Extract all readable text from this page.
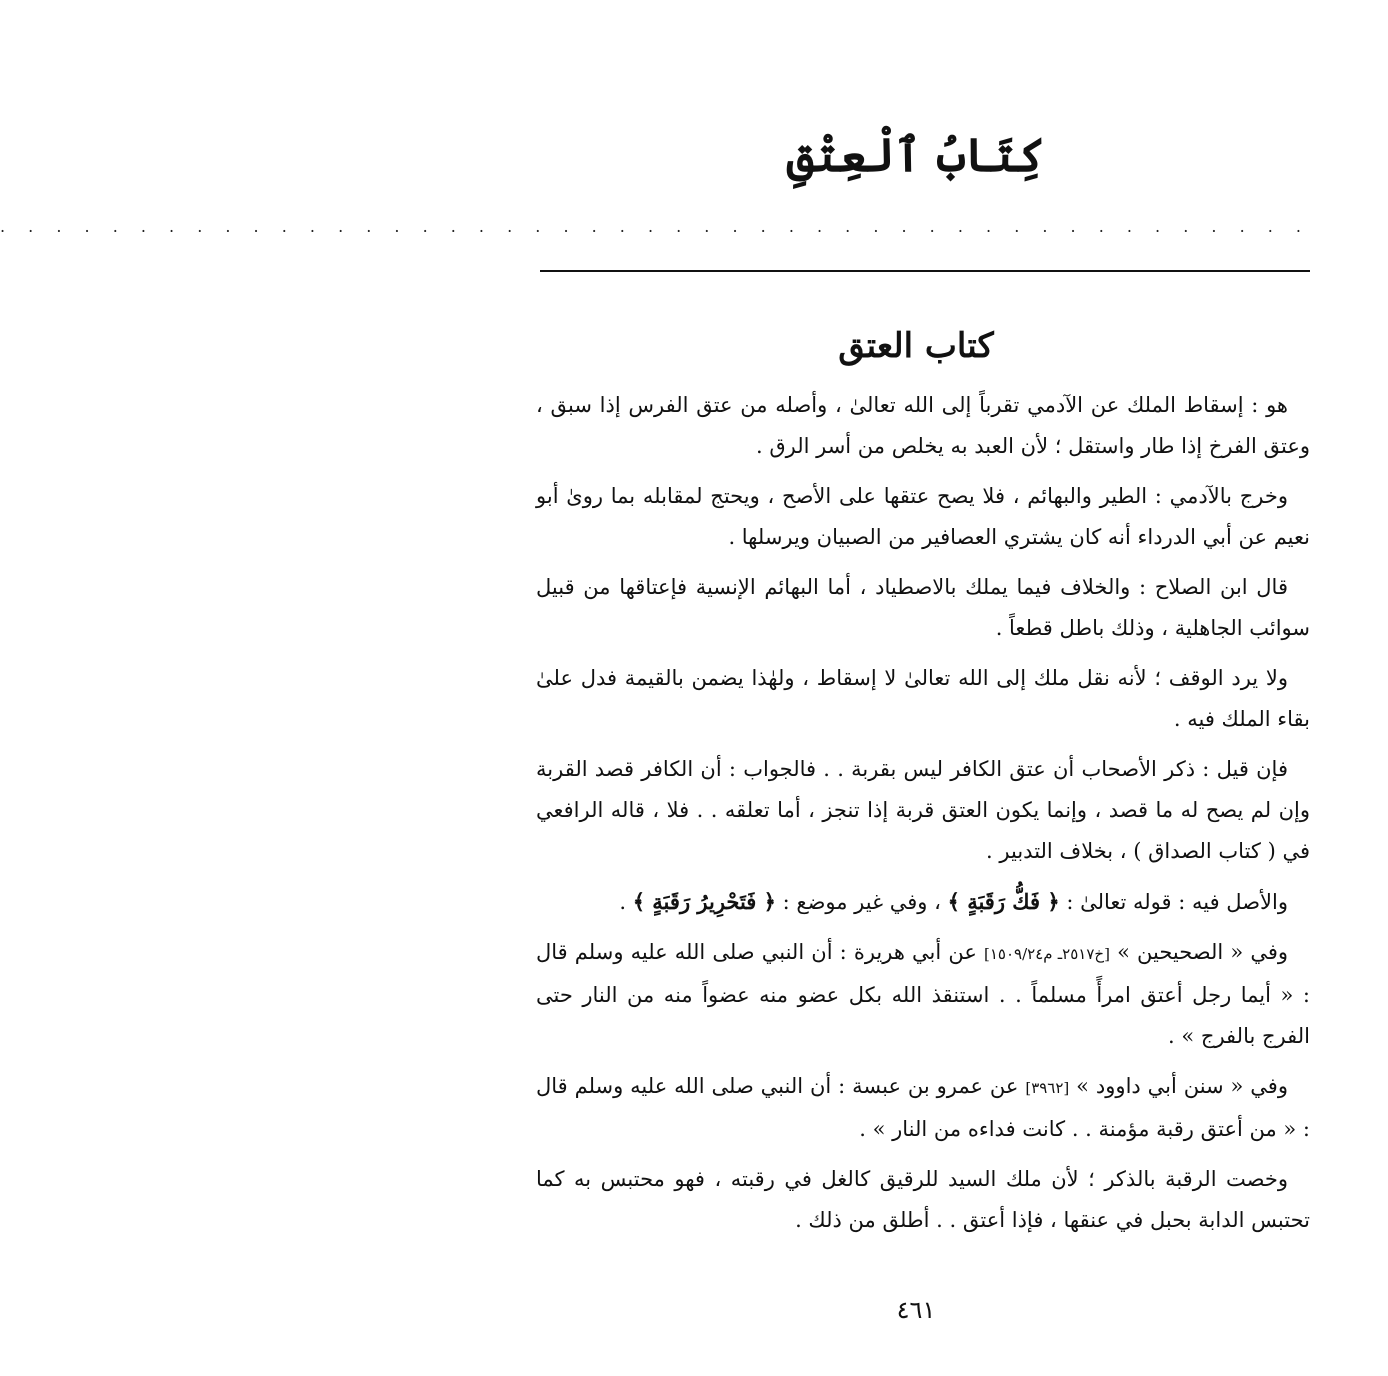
كِتَابُ ٱلْعِتْقِ
. . . . . . . . . . . . . . . . . . . . . . . . . . . . . . . . . . . . . . . . . . . . . . .
كتاب العتق

هو : إسقاط الملك عن الآدمي تقرباً إلى الله تعالىٰ ، وأصله من عتق الفرس إذا سبق ، وعتق الفرخ إذا طار واستقل ؛ لأن العبد به يخلص من أسر الرق .

وخرج بالآدمي : الطير والبهائم ، فلا يصح عتقها على الأصح ، ويحتج لمقابله بما روىٰ أبو نعيم عن أبي الدرداء أنه كان يشتري العصافير من الصبيان ويرسلها .

قال ابن الصلاح : والخلاف فيما يملك بالاصطياد ، أما البهائم الإنسية فإعتاقها من قبيل سوائب الجاهلية ، وذلك باطل قطعاً .

ولا يرد الوقف ؛ لأنه نقل ملك إلى الله تعالىٰ لا إسقاط ، ولهٰذا يضمن بالقيمة فدل علىٰ بقاء الملك فيه .

فإن قيل : ذكر الأصحاب أن عتق الكافر ليس بقربة . . فالجواب : أن الكافر قصد القربة وإن لم يصح له ما قصد ، وإنما يكون العتق قربة إذا تنجز ، أما تعلقه . . فلا ، قاله الرافعي في ( كتاب الصداق ) ، بخلاف التدبير .

والأصل فيه : قوله تعالىٰ : ﴿ فَكُّ رَقَبَةٍ ﴾ ، وفي غير موضع : ﴿ فَتَحْرِيرُ رَقَبَةٍ ﴾ .

وفي « الصحيحين » [خ٢٥١٧ـ م١٥٠٩/٢٤] عن أبي هريرة : أن النبي صلى الله عليه وسلم قال : « أيما رجل أعتق امرأً مسلماً . . استنقذ الله بكل عضو منه عضواً منه من النار حتى الفرج بالفرج » .

وفي « سنن أبي داوود » [٣٩٦٢] عن عمرو بن عبسة : أن النبي صلى الله عليه وسلم قال : « من أعتق رقبة مؤمنة . . كانت فداءه من النار » .

وخصت الرقبة بالذكر ؛ لأن ملك السيد للرقيق كالغل في رقبته ، فهو محتبس به كما تحتبس الدابة بحبل في عنقها ، فإذا أعتق . . أطلق من ذلك .

٤٦١
